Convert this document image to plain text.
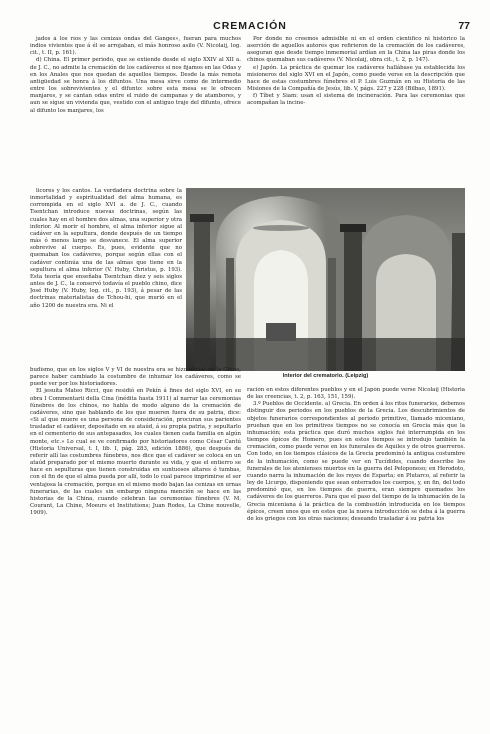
CREMACIÓN	77

jados á los ríos y las cenizas ondas del Ganges», fueran para muchos indios vivientes que á él se arrojaban, el más honroso asilo (V. Nicolaij, log. cit., t. II, p. 161).

d) China. El primer periodo, que se extiende desde el siglo XXIV al XII a. de J. C., no admite la cremación de los cadáveres si nos fijamos en las Odas y en los Anales que nos quedan de aquellos tiempos. Desde la más remota antigüedad se honra á los difuntos. Una mesa sirve como de intermedio entre los sobrevivientes y el difunto: sobre esta mesa se le ofrecen manjares, y se cantan odas entre el ruido de campanas y de atambores, y aun se sigue un vivienda que, vestido con el antiguo traje del difunto, ofrece al difunto los manjares, los

Por donde no creemos admisible ni en el orden científico ni histórico la aserción de aquellos autores que refirieron de la cremación de los cadáveres, aseguran que desde tiempo inmemorial ardían en la China las piras donde los chinos quemaban sus cadáveres (V. Nicolaij, obra cit., t. 2, p. 147).

e) Japón. La práctica de quemar los cadáveres hallábase ya establecida los misioneros del siglo XVI en el Japón, como puede verse en la descripción que hace de estas costumbres fúnebres el P. Luis Guzmán en su Historia de las Misiones de la Compañía de Jesús, lib. V, págs. 227 y 228 (Bilbao, 1891).

f) Tíbet y Siam: usan el sistema de incineración. Para las ceremonias que acompañan la incine-

licores y los cantos. La verdadera doctrina sobre la inmortalidad y espiritualidad del alma humana, es corrompida en el siglo XVI a. de J. C., cuando Tsentchan introduce nuevas doctrinas, según las cuales hay en el hombre dos almas, una superior y otra inferior. Al morir el hombre, el alma inferior sigue al cadáver en la sepultura, donde después de un tiempo más ó menos largo se desvanece. El alma superior sobrevive al cuerpo. Es, pues, evidente que no quemaban los cadáveres, porque según ellas con el cadáver continúa una de las almas que tiene en la sepultura el alma inferior (V. Huby, Christus, p. 193). Esta teoría que enseñaba Tsentchan diez y seis siglos antes de J. C., la conservó todavía el pueblo chino, dice José Huby (V. Huby, log. cit., p. 193), á pesar de las doctrinas materialistas de Tchou-hi, que murió en el año 1200 de nuestra era. Ni el

Interior del crematorio. (Leipzig)

budismo, que en los siglos V y VI de nuestra era se hizo oficial en la China, parece haber cambiado la costumbre de inhumar los cadáveres, como se puede ver por los historiadores.

El jesuíta Mateo Ricci, que residió en Pekín á fines del siglo XVI, en su obra I Commentarii della Cina (inédita hasta 1911) al narrar las ceremonias fúnebres de los chinos, no habla de modo alguno de la cremación de cadáveres, sino que hablando de los que mueren fuera de su patria, dice: «Si al que muere es una persona de consideración, procuran sus parientes trasladar el cadáver, depositado en su ataúd, á su propia patria, y sepultarlo en el cementerio de sus antepasados, los cuales tienen cada familia en algún monte, etc.» Lo cual se ve confirmado por historiadores como César Cantú (Historia Universal, t. I, lib. I, pág. 283, edición 1886), que después de referir allí las costumbres fúnebres, nos dice que el cadáver se coloca en un ataúd preparado por el mismo muerto durante su vida, y que el entierro se hace en sepulturas que tienen construidas en suntuosos altares ó tumbas, con el fin de que el alma pueda por allí, todo lo cual parece imprimirse el ser ventajosa la cremación, porque en el mismo modo bajan las cenizas en urnas funerarias, de las cuales sin embargo ninguna mención se hace en las historias de la China, cuando celebran las ceremonias fúnebres (V. M. Courant, La Chine, Moeurs et Institutions; Juan Rodes, La Chine nouvelle, 1909).

ración en estos diferentes pueblos y en el Japón puede verse Nicolaij (Historia de las creencias, t. 2, p. 163, 151, 159).

3.º Pueblos de Occidente. a) Grecia. En orden á los ritos funerarios, debemos distinguir dos periodos en los pueblos de la Grecia. Los descubrimientos de objetos funerarios correspondientes al periodo primitivo, llamado miceniano, prueban que en los primitivos tiempos no se conocía en Grecia más que la inhumación; esta práctica que duró muchos siglos fué interrumpida en los tiempos épicos de Homero, pues en estos tiempos se introdujo también la cremación, como puede verse en los funerales de Aquiles y de otros guerreros. Con todo, en los tiempos clásicos de la Grecia predominó la antigua costumbre de la inhumación, como se puede ver en Tucídides, cuando describe los funerales de los atenienses muertos en la guerra del Peloponeso; en Herodoto, cuando narra la inhumación de los reyes de Esparta; en Plutarco, al referir la ley de Licurgo, disponiendo que sean enterrados los cuerpos, y, en fin, del todo predominó que, en los tiempos de guerra, eran siempre quemados los cadáveres de los guerreros. Para que el paso del tiempo de la inhumación de la Grecia miceniana á la práctica de la combustión introducida en los tiempos épicos, creen unos que en estos que la nueva introducción se deba á la guerra de los griegos con los otras naciones; deseando trasladar á su patria los
